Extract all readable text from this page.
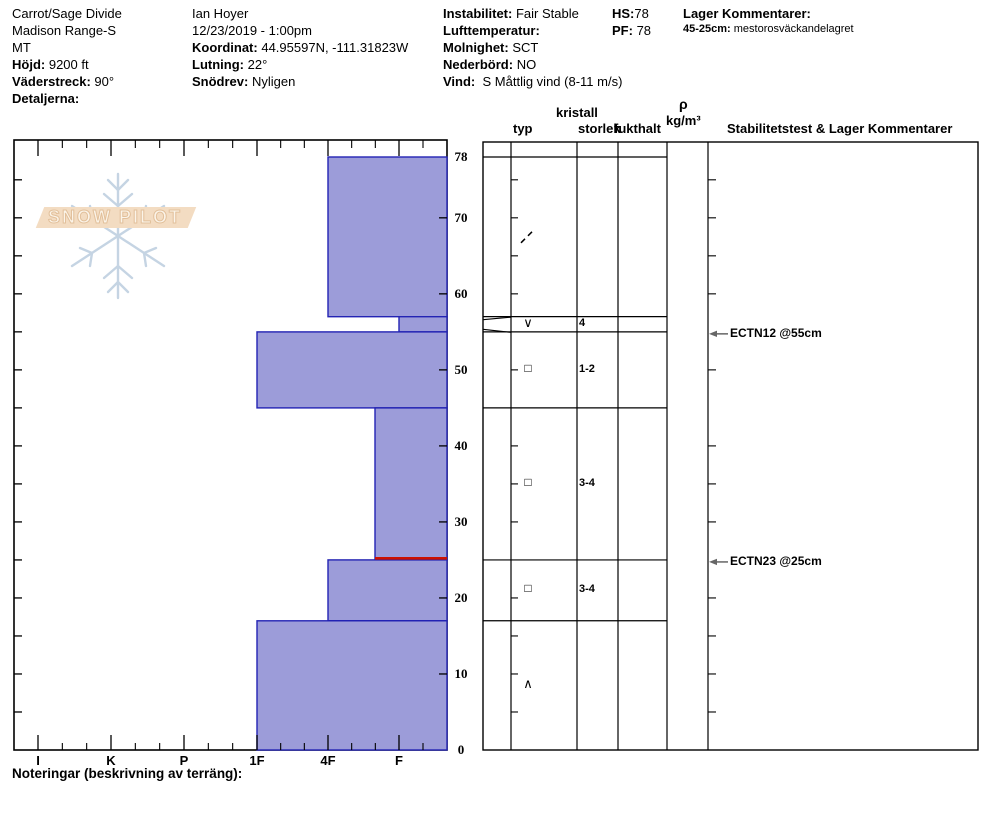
Carrot/Sage Divide
Madison Range-S
MT
Höjd: 9200 ft
Väderstreck: 90°
Detaljerna:
Ian Hoyer
12/23/2019 - 1:00pm
Koordinat: 44.95597N, -111.31823W
Lutning: 22°
Snödrev: Nyligen
Instabilitet: Fair Stable
Lufttemperatur:
Molnighet: SCT
Nederbörd: NO
Vind: S Måttlig vind (8-11 m/s)
HS:78
PF: 78
Lager Kommentarer:
45-25cm: mestorosväckandelagret
kristall
typ	storlek
fukthalt
ρ
kg/m³
Stabilitetstest & Lager Kommentarer
SNOW PILOT
78
70
60
50
40
30
20
10
0
I	K	P	1F	4F	F
∨	4
□	1-2
□	3-4
□	3-4
∧
ECTN12 @55cm
ECTN23 @25cm
Noteringar (beskrivning av terräng):
